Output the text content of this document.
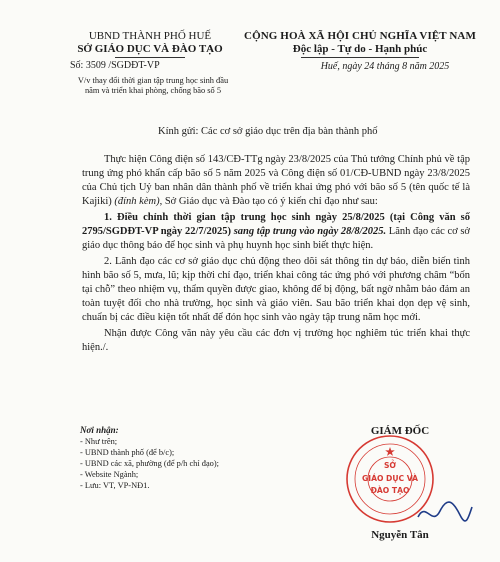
UBND THÀNH PHỐ HUẾ
SỞ GIÁO DỤC VÀ ĐÀO TẠO
CỘNG HOÀ XÃ HỘI CHỦ NGHĨA VIỆT NAM
Độc lập - Tự do - Hạnh phúc
Số: 3509 /SGDĐT-VP
V/v thay đổi thời gian tập trung học sinh đầu
năm và triển khai phòng, chống bão số 5
Huế, ngày 24 tháng 8 năm 2025
Kính gửi: Các cơ sở giáo dục trên địa bàn thành phố

Thực hiện Công điện số 143/CĐ-TTg ngày 23/8/2025 của Thủ tướng Chính phủ về tập trung ứng phó khẩn cấp bão số 5 năm 2025 và Công điện số 01/CĐ-UBND ngày 23/8/2025 của Chủ tịch Uỷ ban nhân dân thành phố về triển khai ứng phó với bão số 5 (tên quốc tế là Kajiki) (đính kèm), Sở Giáo dục và Đào tạo có ý kiến chỉ đạo như sau:

1. Điều chỉnh thời gian tập trung học sinh ngày 25/8/2025 (tại Công văn số 2795/SGDĐT-VP ngày 22/7/2025) sang tập trung vào ngày 28/8/2025. Lãnh đạo các cơ sở giáo dục thông báo để học sinh và phụ huynh học sinh biết thực hiện.

2. Lãnh đạo các cơ sở giáo dục chủ động theo dõi sát thông tin dự báo, diễn biến tình hình bão số 5, mưa, lũ; kịp thời chỉ đạo, triển khai công tác ứng phó với phương châm “bốn tại chỗ” theo nhiệm vụ, thẩm quyền được giao, không để bị động, bất ngờ nhằm bảo đảm an toàn tuyệt đối cho nhà trường, học sinh và giáo viên. Sau bão triển khai dọn dẹp vệ sinh, chuẩn bị các điều kiện tốt nhất để đón học sinh vào ngày tập trung năm học mới.

Nhận được Công văn này yêu cầu các đơn vị trường học nghiêm túc triển khai thực hiện./.

Nơi nhận:
- Như trên;
- UBND thành phố (để b/c);
- UBND các xã, phường (để p/h chỉ đạo);
- Website Ngành;
- Lưu: VT, VP-NĐ1.
GIÁM ĐỐC
SỞ
GIÁO DỤC VÀ
ĐÀO TẠO
Nguyễn Tân
